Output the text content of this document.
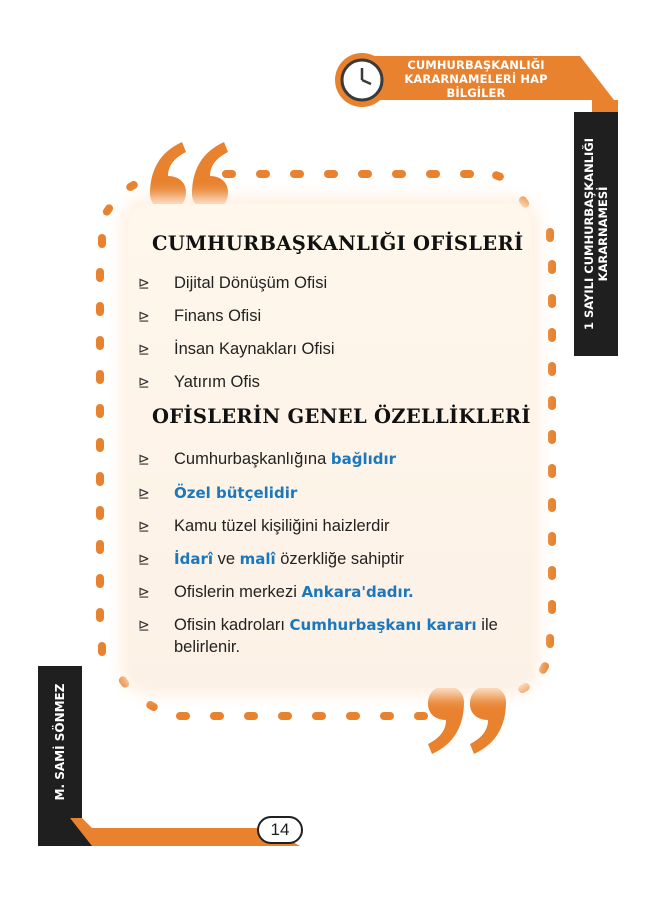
CUMHURBAŞKANLIĞI
KARARNAMELERİ HAP BİLGİLER
1 SAYILI CUMHURBAŞKANLIĞI KARARNAMESİ
M. SAMİ SÖNMEZ
14
CUMHURBAŞKANLIĞI OFİSLERİ
⊵ Dijital Dönüşüm Ofisi
⊵ Finans Ofisi
⊵ İnsan Kaynakları Ofisi
⊵ Yatırım Ofis
OFİSLERİN GENEL ÖZELLİKLERİ
⊵ Cumhurbaşkanlığına bağlıdır
⊵ Özel bütçelidir
⊵ Kamu tüzel kişiliğini haizlerdir
⊵ İdarî ve malî özerkliğe sahiptir
⊵ Ofislerin merkezi Ankara'dadır.
⊵ Ofisin kadroları Cumhurbaşkanı kararı ile
belirlenir.
